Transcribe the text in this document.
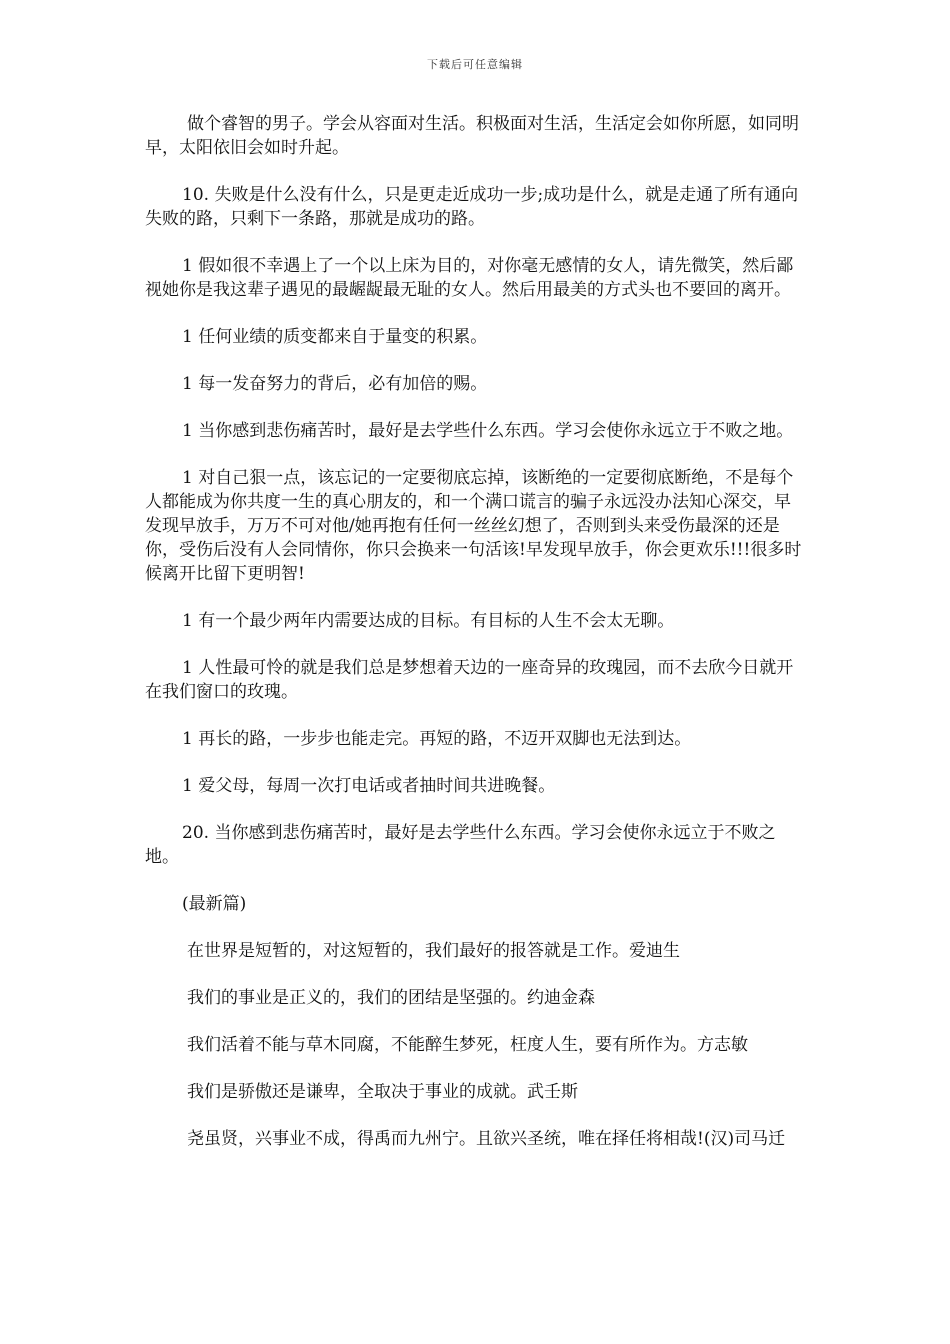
下载后可任意编辑

做个睿智的男子。学会从容面对生活。积极面对生活，生活定会如你所愿，如同明早，太阳依旧会如时升起。

10. 失败是什么没有什么，只是更走近成功一步;成功是什么，就是走通了所有通向失败的路，只剩下一条路，那就是成功的路。

1 假如很不幸遇上了一个以上床为目的，对你毫无感情的女人，请先微笑，然后鄙视她你是我这辈子遇见的最龌龊最无耻的女人。然后用最美的方式头也不要回的离开。

1 任何业绩的质变都来自于量变的积累。

1 每一发奋努力的背后，必有加倍的赐。

1 当你感到悲伤痛苦时，最好是去学些什么东西。学习会使你永远立于不败之地。

1 对自己狠一点，该忘记的一定要彻底忘掉，该断绝的一定要彻底断绝，不是每个人都能成为你共度一生的真心朋友的，和一个满口谎言的骗子永远没办法知心深交，早发现早放手，万万不可对他/她再抱有任何一丝丝幻想了，否则到头来受伤最深的还是你，受伤后没有人会同情你，你只会换来一句活该!早发现早放手，你会更欢乐!!!很多时候离开比留下更明智!

1 有一个最少两年内需要达成的目标。有目标的人生不会太无聊。

1 人性最可怜的就是我们总是梦想着天边的一座奇异的玫瑰园，而不去欣今日就开在我们窗口的玫瑰。

1 再长的路，一步步也能走完。再短的路，不迈开双脚也无法到达。

1 爱父母，每周一次打电话或者抽时间共进晚餐。

20. 当你感到悲伤痛苦时，最好是去学些什么东西。学习会使你永远立于不败之地。

(最新篇)

在世界是短暂的，对这短暂的，我们最好的报答就是工作。爱迪生

我们的事业是正义的，我们的团结是坚强的。约迪金森

我们活着不能与草木同腐，不能醉生梦死，枉度人生，要有所作为。方志敏

我们是骄傲还是谦卑，全取决于事业的成就。武壬斯

尧虽贤，兴事业不成，得禹而九州宁。且欲兴圣统，唯在择任将相哉!(汉)司马迁
